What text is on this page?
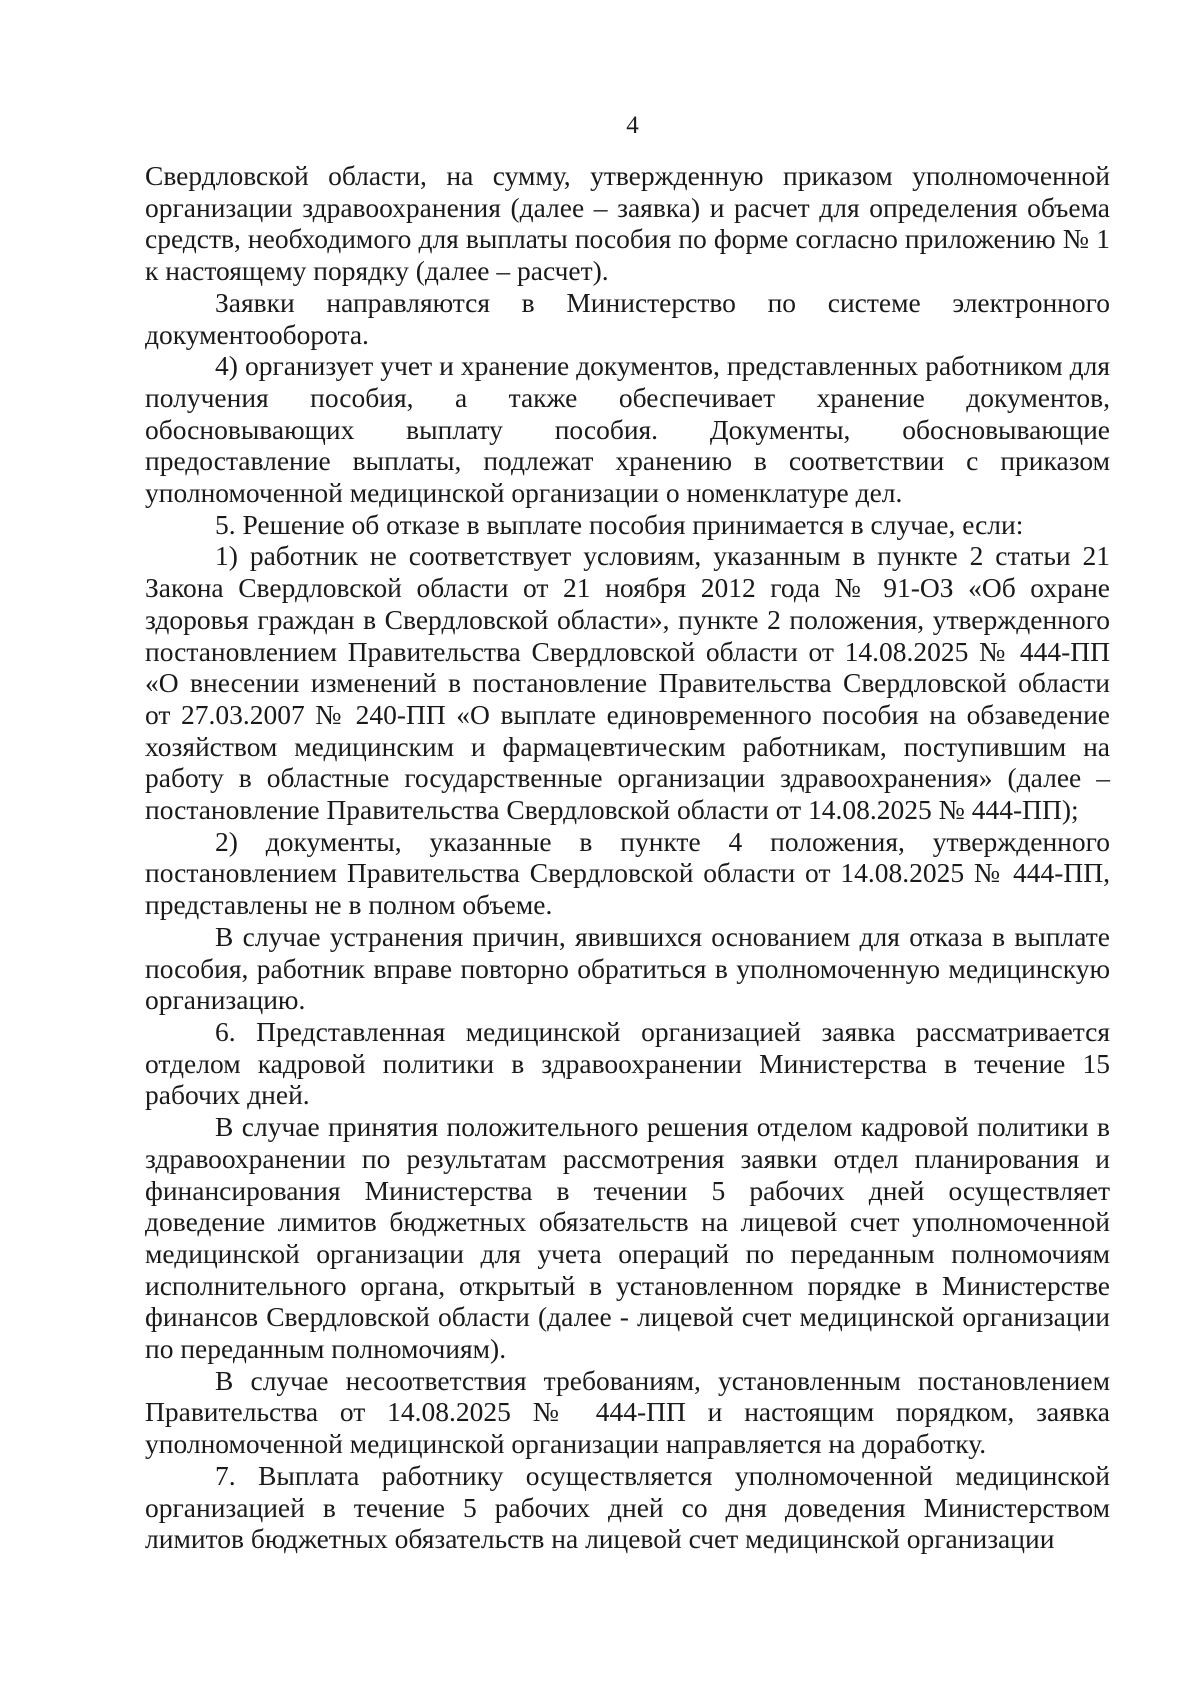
4

Свердловской области, на сумму, утвержденную приказом уполномоченной организации здравоохранения (далее – заявка) и расчет для определения объема средств, необходимого для выплаты пособия по форме согласно приложению № 1 к настоящему порядку (далее – расчет).

Заявки направляются в Министерство по системе электронного документооборота.

4) организует учет и хранение документов, представленных работником для получения пособия, а также обеспечивает хранение документов, обосновывающих выплату пособия. Документы, обосновывающие предоставление выплаты, подлежат хранению в соответствии с приказом уполномоченной медицинской организации о номенклатуре дел.

5. Решение об отказе в выплате пособия принимается в случае, если:

1) работник не соответствует условиям, указанным в пункте 2 статьи 21 Закона Свердловской области от 21 ноября 2012 года № 91-ОЗ «Об охране здоровья граждан в Свердловской области», пункте 2 положения, утвержденного постановлением Правительства Свердловской области от 14.08.2025 № 444-ПП «О внесении изменений в постановление Правительства Свердловской области от 27.03.2007 № 240-ПП «О выплате единовременного пособия на обзаведение хозяйством медицинским и фармацевтическим работникам, поступившим на работу в областные государственные организации здравоохранения» (далее – постановление Правительства Свердловской области от 14.08.2025 № 444-ПП);

2) документы, указанные в пункте 4 положения, утвержденного постановлением Правительства Свердловской области от 14.08.2025 № 444-ПП, представлены не в полном объеме.

В случае устранения причин, явившихся основанием для отказа в выплате пособия, работник вправе повторно обратиться в уполномоченную медицинскую организацию.

6. Представленная медицинской организацией заявка рассматривается отделом кадровой политики в здравоохранении Министерства в течение 15 рабочих дней.

В случае принятия положительного решения отделом кадровой политики в здравоохранении по результатам рассмотрения заявки отдел планирования и финансирования Министерства в течении 5 рабочих дней осуществляет доведение лимитов бюджетных обязательств на лицевой счет уполномоченной медицинской организации для учета операций по переданным полномочиям исполнительного органа, открытый в установленном порядке в Министерстве финансов Свердловской области (далее - лицевой счет медицинской организации по переданным полномочиям).

В случае несоответствия требованиям, установленным постановлением Правительства от 14.08.2025 № 444-ПП и настоящим порядком, заявка уполномоченной медицинской организации направляется на доработку.

7. Выплата работнику осуществляется уполномоченной медицинской организацией в течение 5 рабочих дней со дня доведения Министерством лимитов бюджетных обязательств на лицевой счет медицинской организации
